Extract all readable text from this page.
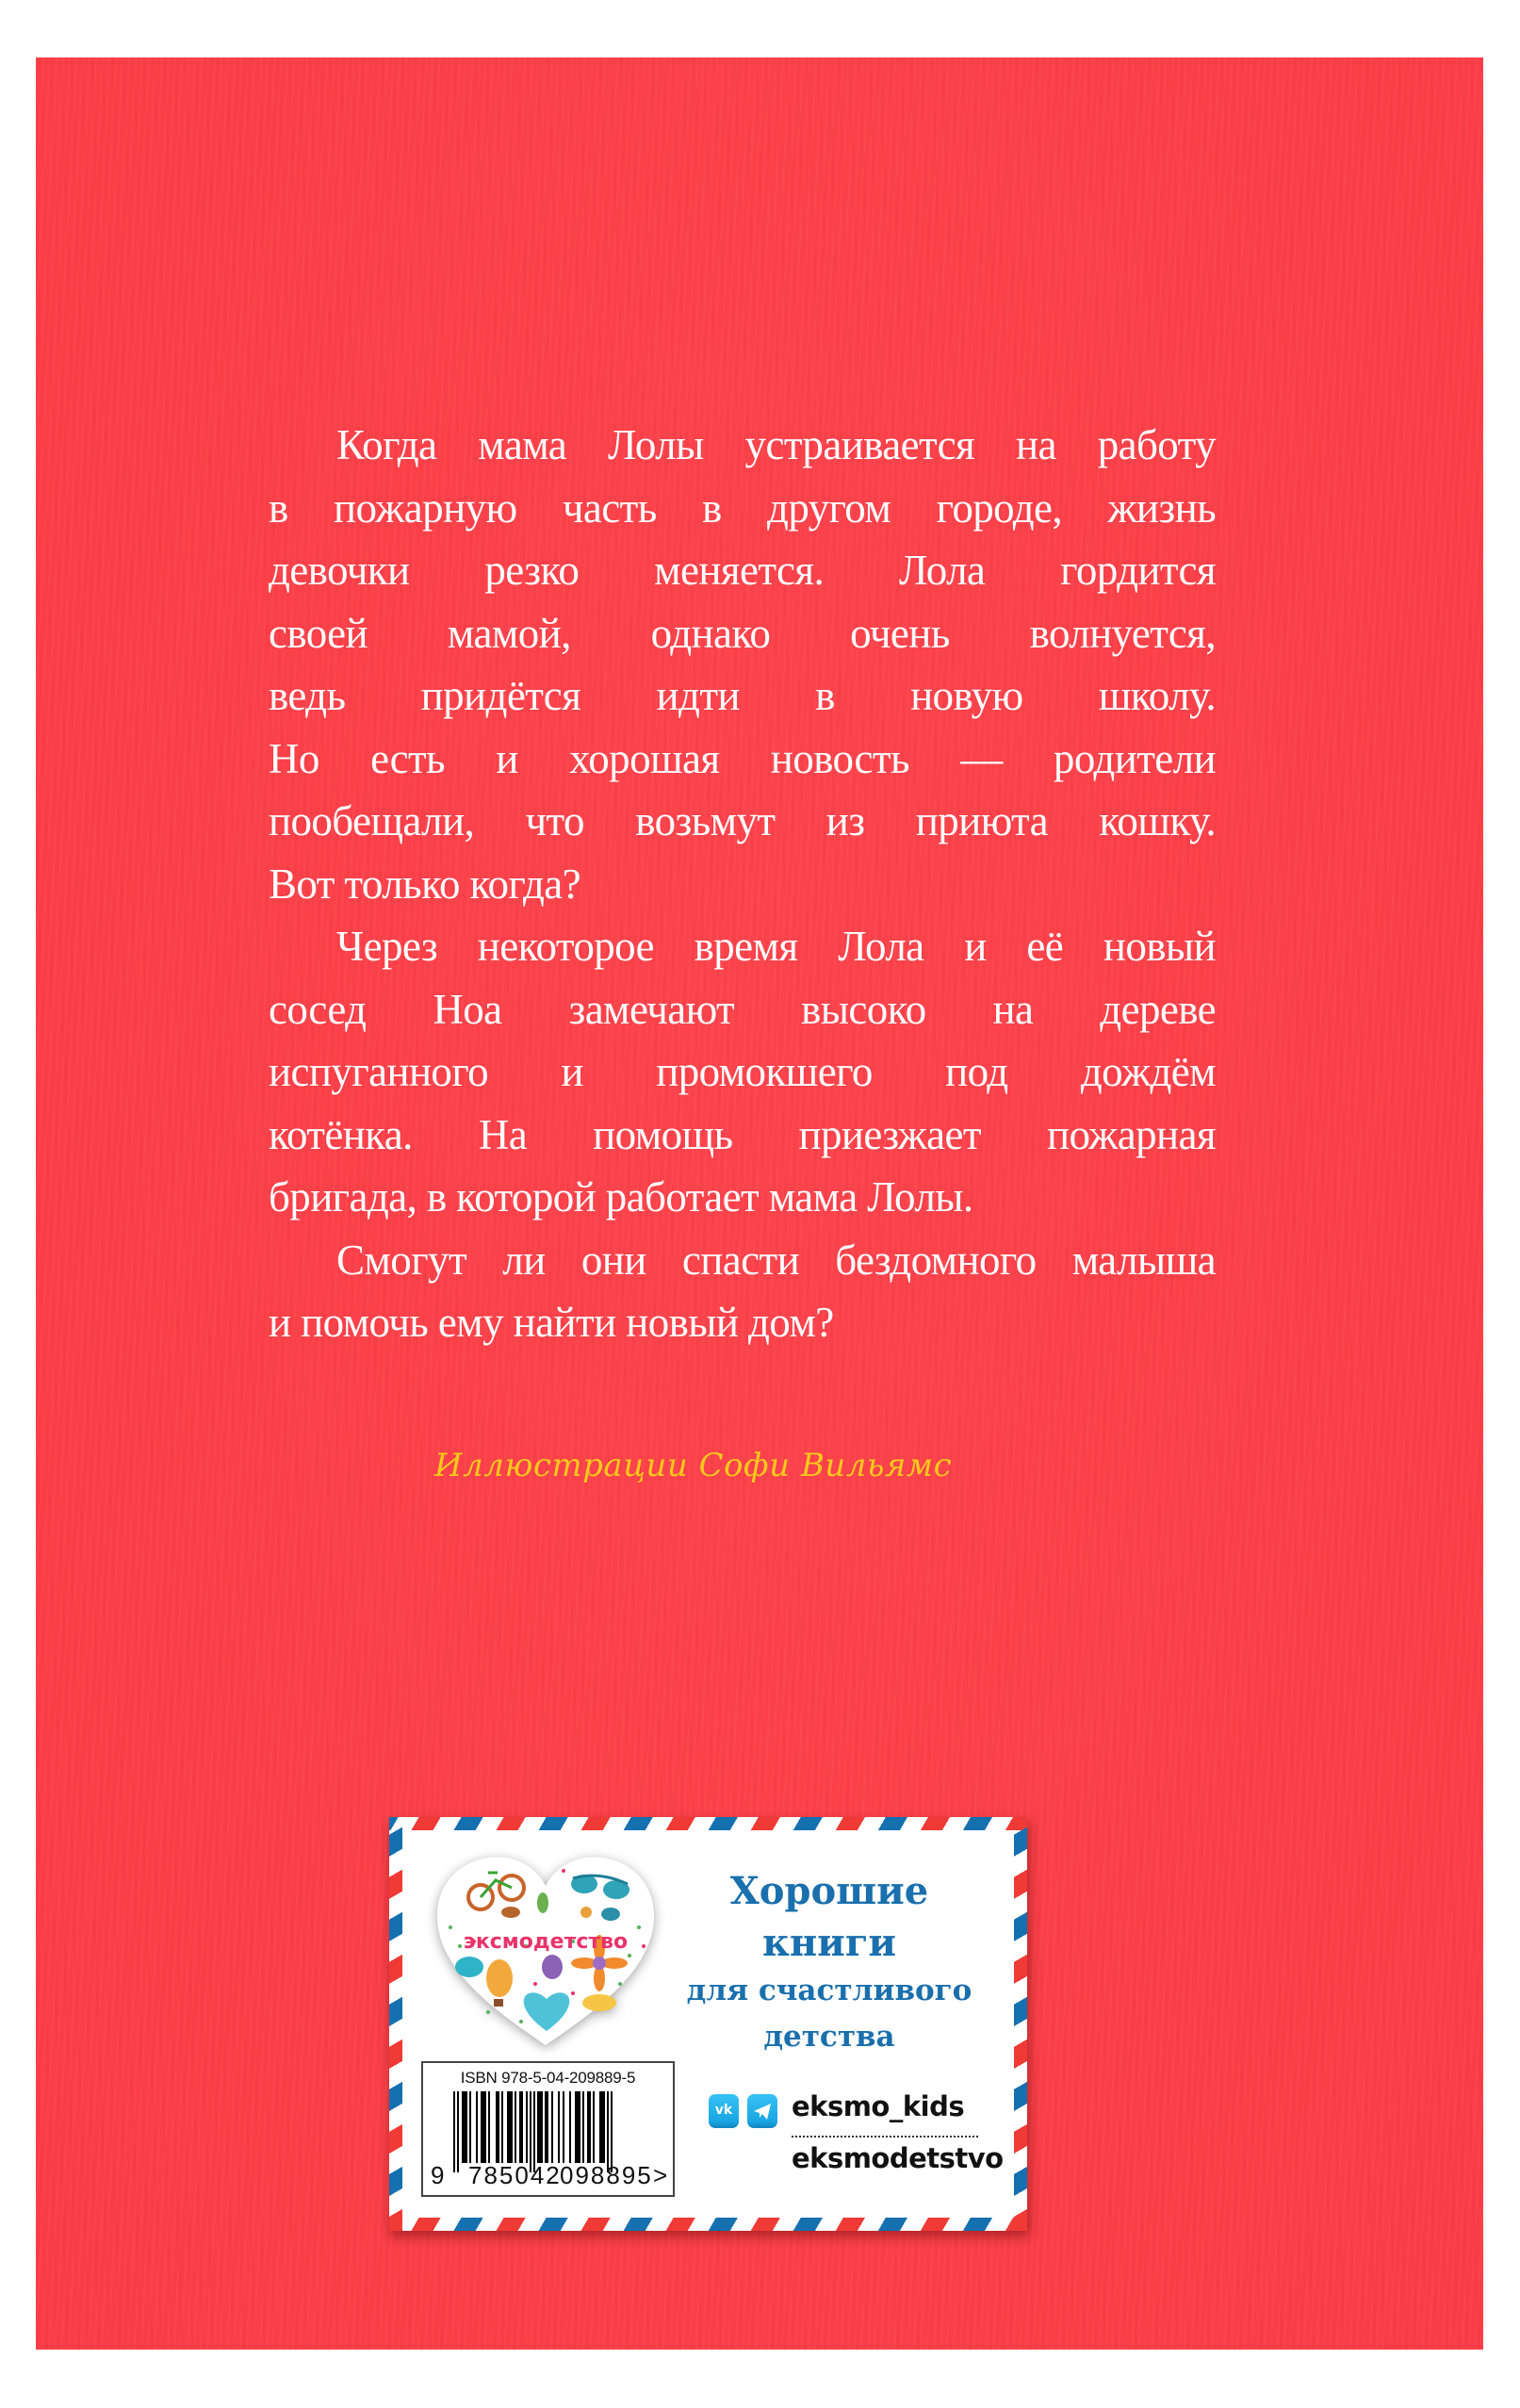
Когда мама Лолы устраивается на работу
в пожарную часть в другом городе, жизнь
девочки резко меняется. Лола гордится
своей мамой, однако очень волнуется,
ведь придётся идти в новую школу.
Но есть и хорошая новость — родители
пообещали, что возьмут из приюта кошку.
Вот только когда?
Через некоторое время Лола и её новый
сосед Ноа замечают высоко на дереве
испуганного и промокшего под дождём
котёнка. На помощь приезжает пожарная
бригада, в которой работает мама Лолы.
Смогут ли они спасти бездомного малыша
и помочь ему найти новый дом?
Иллюстрации Софи Вильямс
эксмодетство
ISBN 978-5-04-209889-5
9 785042
098895 >
Хорошие
книги
для счастливого
детства
vk eksmo_kids
eksmodetstvo
